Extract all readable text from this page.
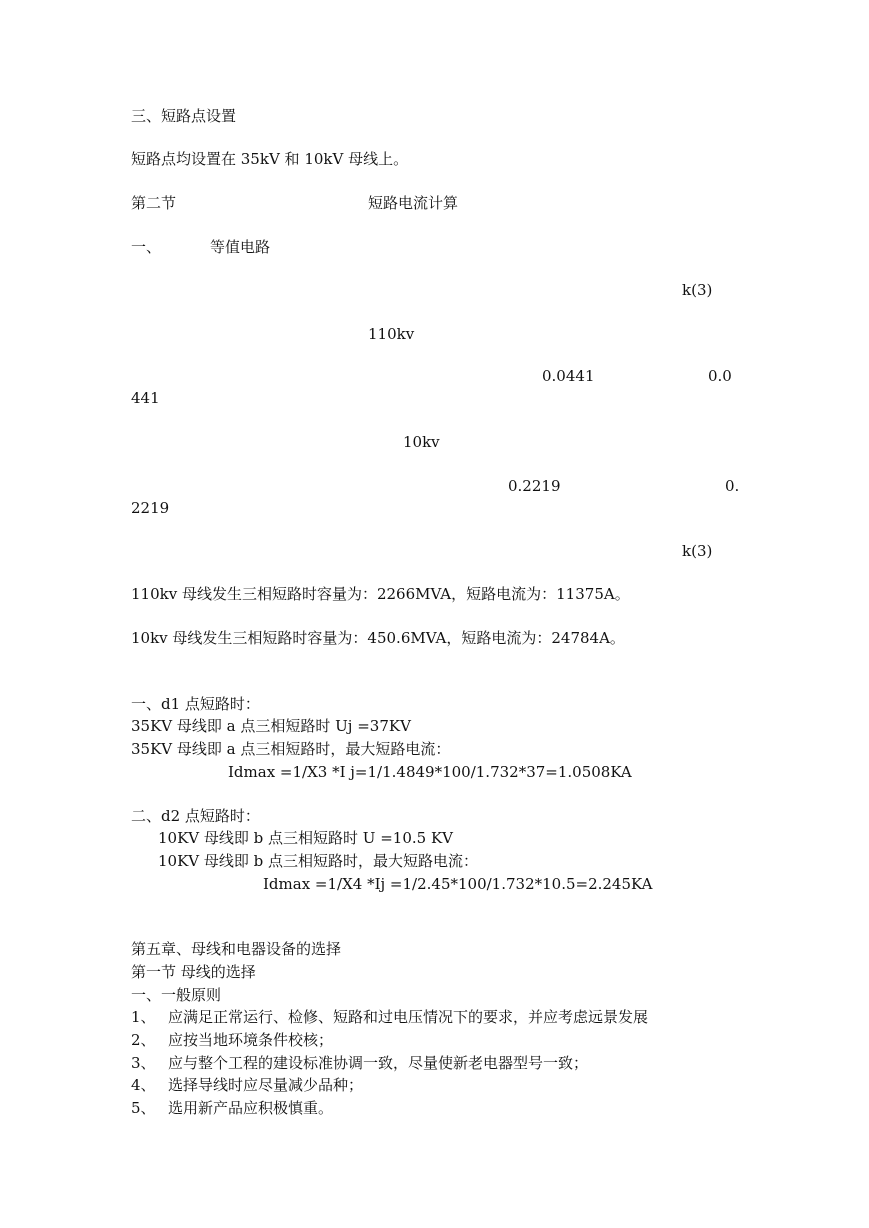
三、短路点设置

短路点均设置在 35kV 和 10kV 母线上。

第二节	短路电流计算

一、	等值电路

k(3)

110kv

0.0441	0.0

441

10kv

0.2219	0.

2219

k(3)

110kv 母线发生三相短路时容量为：2266MVA，短路电流为：11375A。

10kv 母线发生三相短路时容量为：450.6MVA，短路电流为：24784A。

一、d1 点短路时：

35KV 母线即 a 点三相短路时 Uj =37KV

35KV 母线即 a 点三相短路时，最大短路电流：

Idmax =1/X3 *I j=1/1.4849*100/1.732*37=1.0508KA

二、d2 点短路时：

10KV 母线即 b 点三相短路时 U =10.5 KV

10KV 母线即 b 点三相短路时，最大短路电流：

Idmax =1/X4 *Ij =1/2.45*100/1.732*10.5=2.245KA

第五章、母线和电器设备的选择

第一节 母线的选择

一、一般原则

1、 应满足正常运行、检修、短路和过电压情况下的要求，并应考虑远景发展

2、 应按当地环境条件校核；

3、 应与整个工程的建设标准协调一致，尽量使新老电器型号一致；

4、 选择导线时应尽量减少品种；

5、 选用新产品应积极慎重。
